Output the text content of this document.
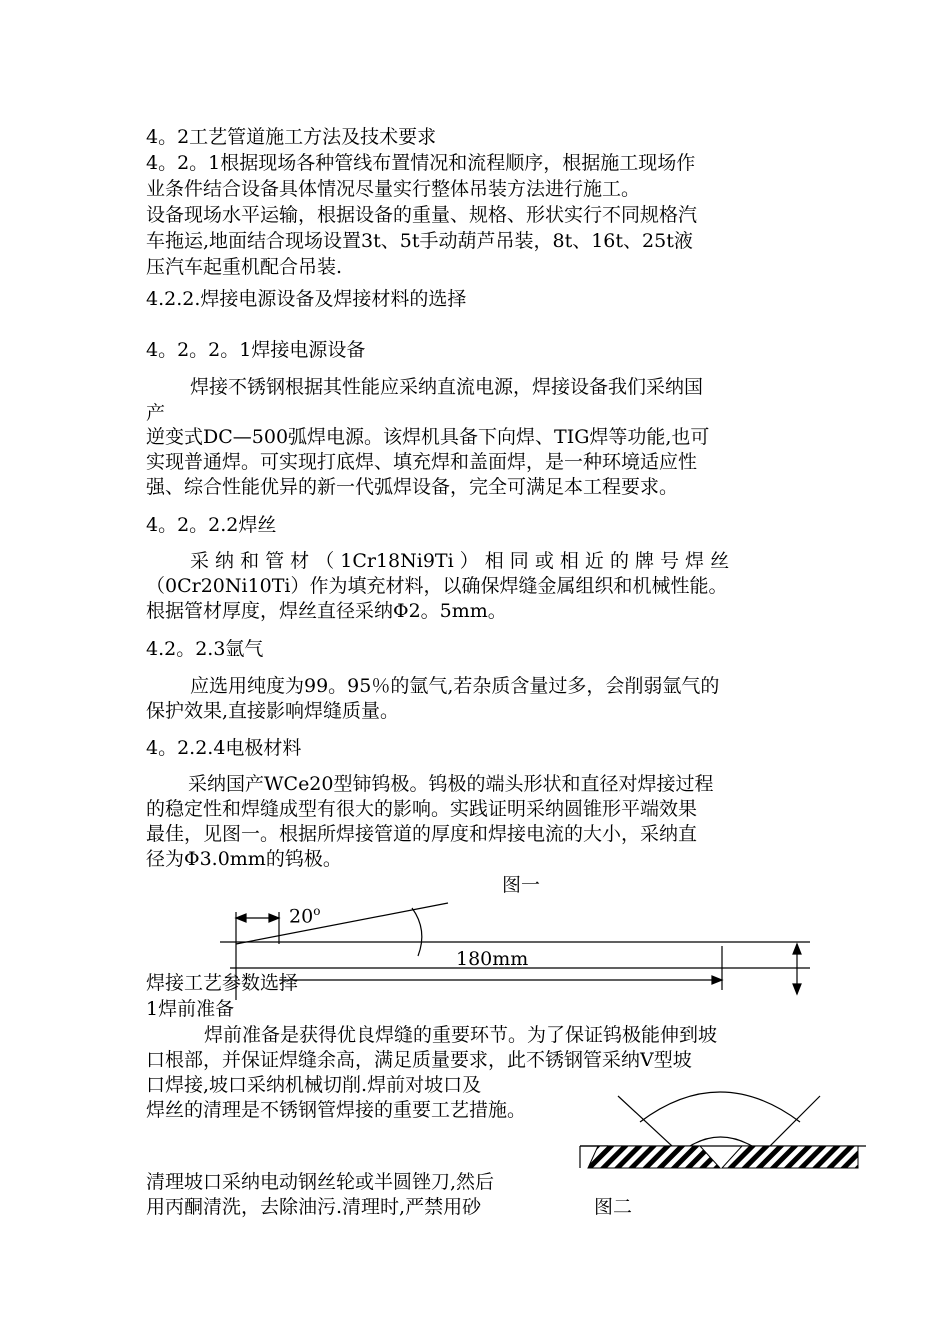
4。2工艺管道施工方法及技术要求
4。2。1根据现场各种管线布置情况和流程顺序，根据施工现场作
业条件结合设备具体情况尽量实行整体吊装方法进行施工。
设备现场水平运输，根据设备的重量、规格、形状实行不同规格汽
车拖运,地面结合现场设置3t、5t手动葫芦吊装，8t、16t、25t液
压汽车起重机配合吊装.
4.2.2.焊接电源设备及焊接材料的选择
4。2。2。1焊接电源设备
焊接不锈钢根据其性能应采纳直流电源，焊接设备我们采纳国
产
逆变式DC—500弧焊电源。该焊机具备下向焊、TIG焊等功能,也可
实现普通焊。可实现打底焊、填充焊和盖面焊，是一种环境适应性
强、综合性能优异的新一代弧焊设备，完全可满足本工程要求。
4。2。2.2焊丝
采 纳 和 管 材 （ 1Cr18Ni9Ti ） 相 同 或 相 近 的 牌 号 焊 丝
（0Cr20Ni10Ti）作为填充材料，以确保焊缝金属组织和机械性能。
根据管材厚度，焊丝直径采纳Φ2。5mm。
4.2。2.3氩气
应选用纯度为99。95％的氩气,若杂质含量过多，会削弱氩气的
保护效果,直接影响焊缝质量。
4。2.2.4电极材料
采纳国产WCe20型铈钨极。钨极的端头形状和直径对焊接过程
的稳定性和焊缝成型有很大的影响。实践证明采纳圆锥形平端效果
最佳，见图一。根据所焊接管道的厚度和焊接电流的大小，采纳直
径为Φ3.0mm的钨极。
图一
20$^o$
180mm
焊接工艺参数选择
1焊前准备
焊前准备是获得优良焊缝的重要环节。为了保证钨极能伸到坡
口根部，并保证焊缝余高，满足质量要求，此不锈钢管采纳V型坡
口焊接,坡口采纳机械切削.焊前对坡口及
焊丝的清理是不锈钢管焊接的重要工艺措施。
清理坡口采纳电动钢丝轮或半圆锉刀,然后
用丙酮清洗，去除油污.清理时,严禁用砂	图二
